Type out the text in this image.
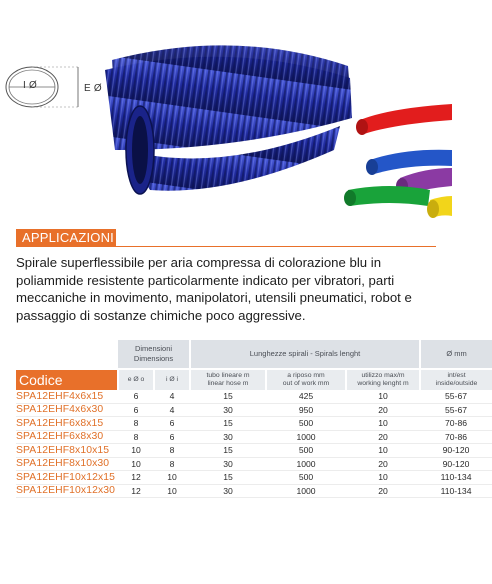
I Ø	E Ø
APPLICAZIONI
Spirale superflessibile per aria compressa di colorazione blu in poliammide resistente particolarmente indicato per vibratori, parti meccaniche in movimento, manipolatori, utensili pneumatici, robot e passaggio di sostanze chimiche poco aggressive.
	Dimensioni
Dimensions		Lunghezze spirali - Spirals lenght			Ø mm
Codice	e Ø o	i Ø i	tubo lineare m
linear hose m	a riposo mm
out of work mm	utilizzo max/m
working lenght m	int/est
inside/outside
SPA12EHF4x6x15	6	4	15	425	10	55-67
SPA12EHF4x6x30	6	4	30	950	20	55-67
SPA12EHF6x8x15	8	6	15	500	10	70-86
SPA12EHF6x8x30	8	6	30	1000	20	70-86
SPA12EHF8x10x15	10	8	15	500	10	90-120
SPA12EHF8x10x30	10	8	30	1000	20	90-120
SPA12EHF10x12x15	12	10	15	500	10	110-134
SPA12EHF10x12x30	12	10	30	1000	20	110-134
